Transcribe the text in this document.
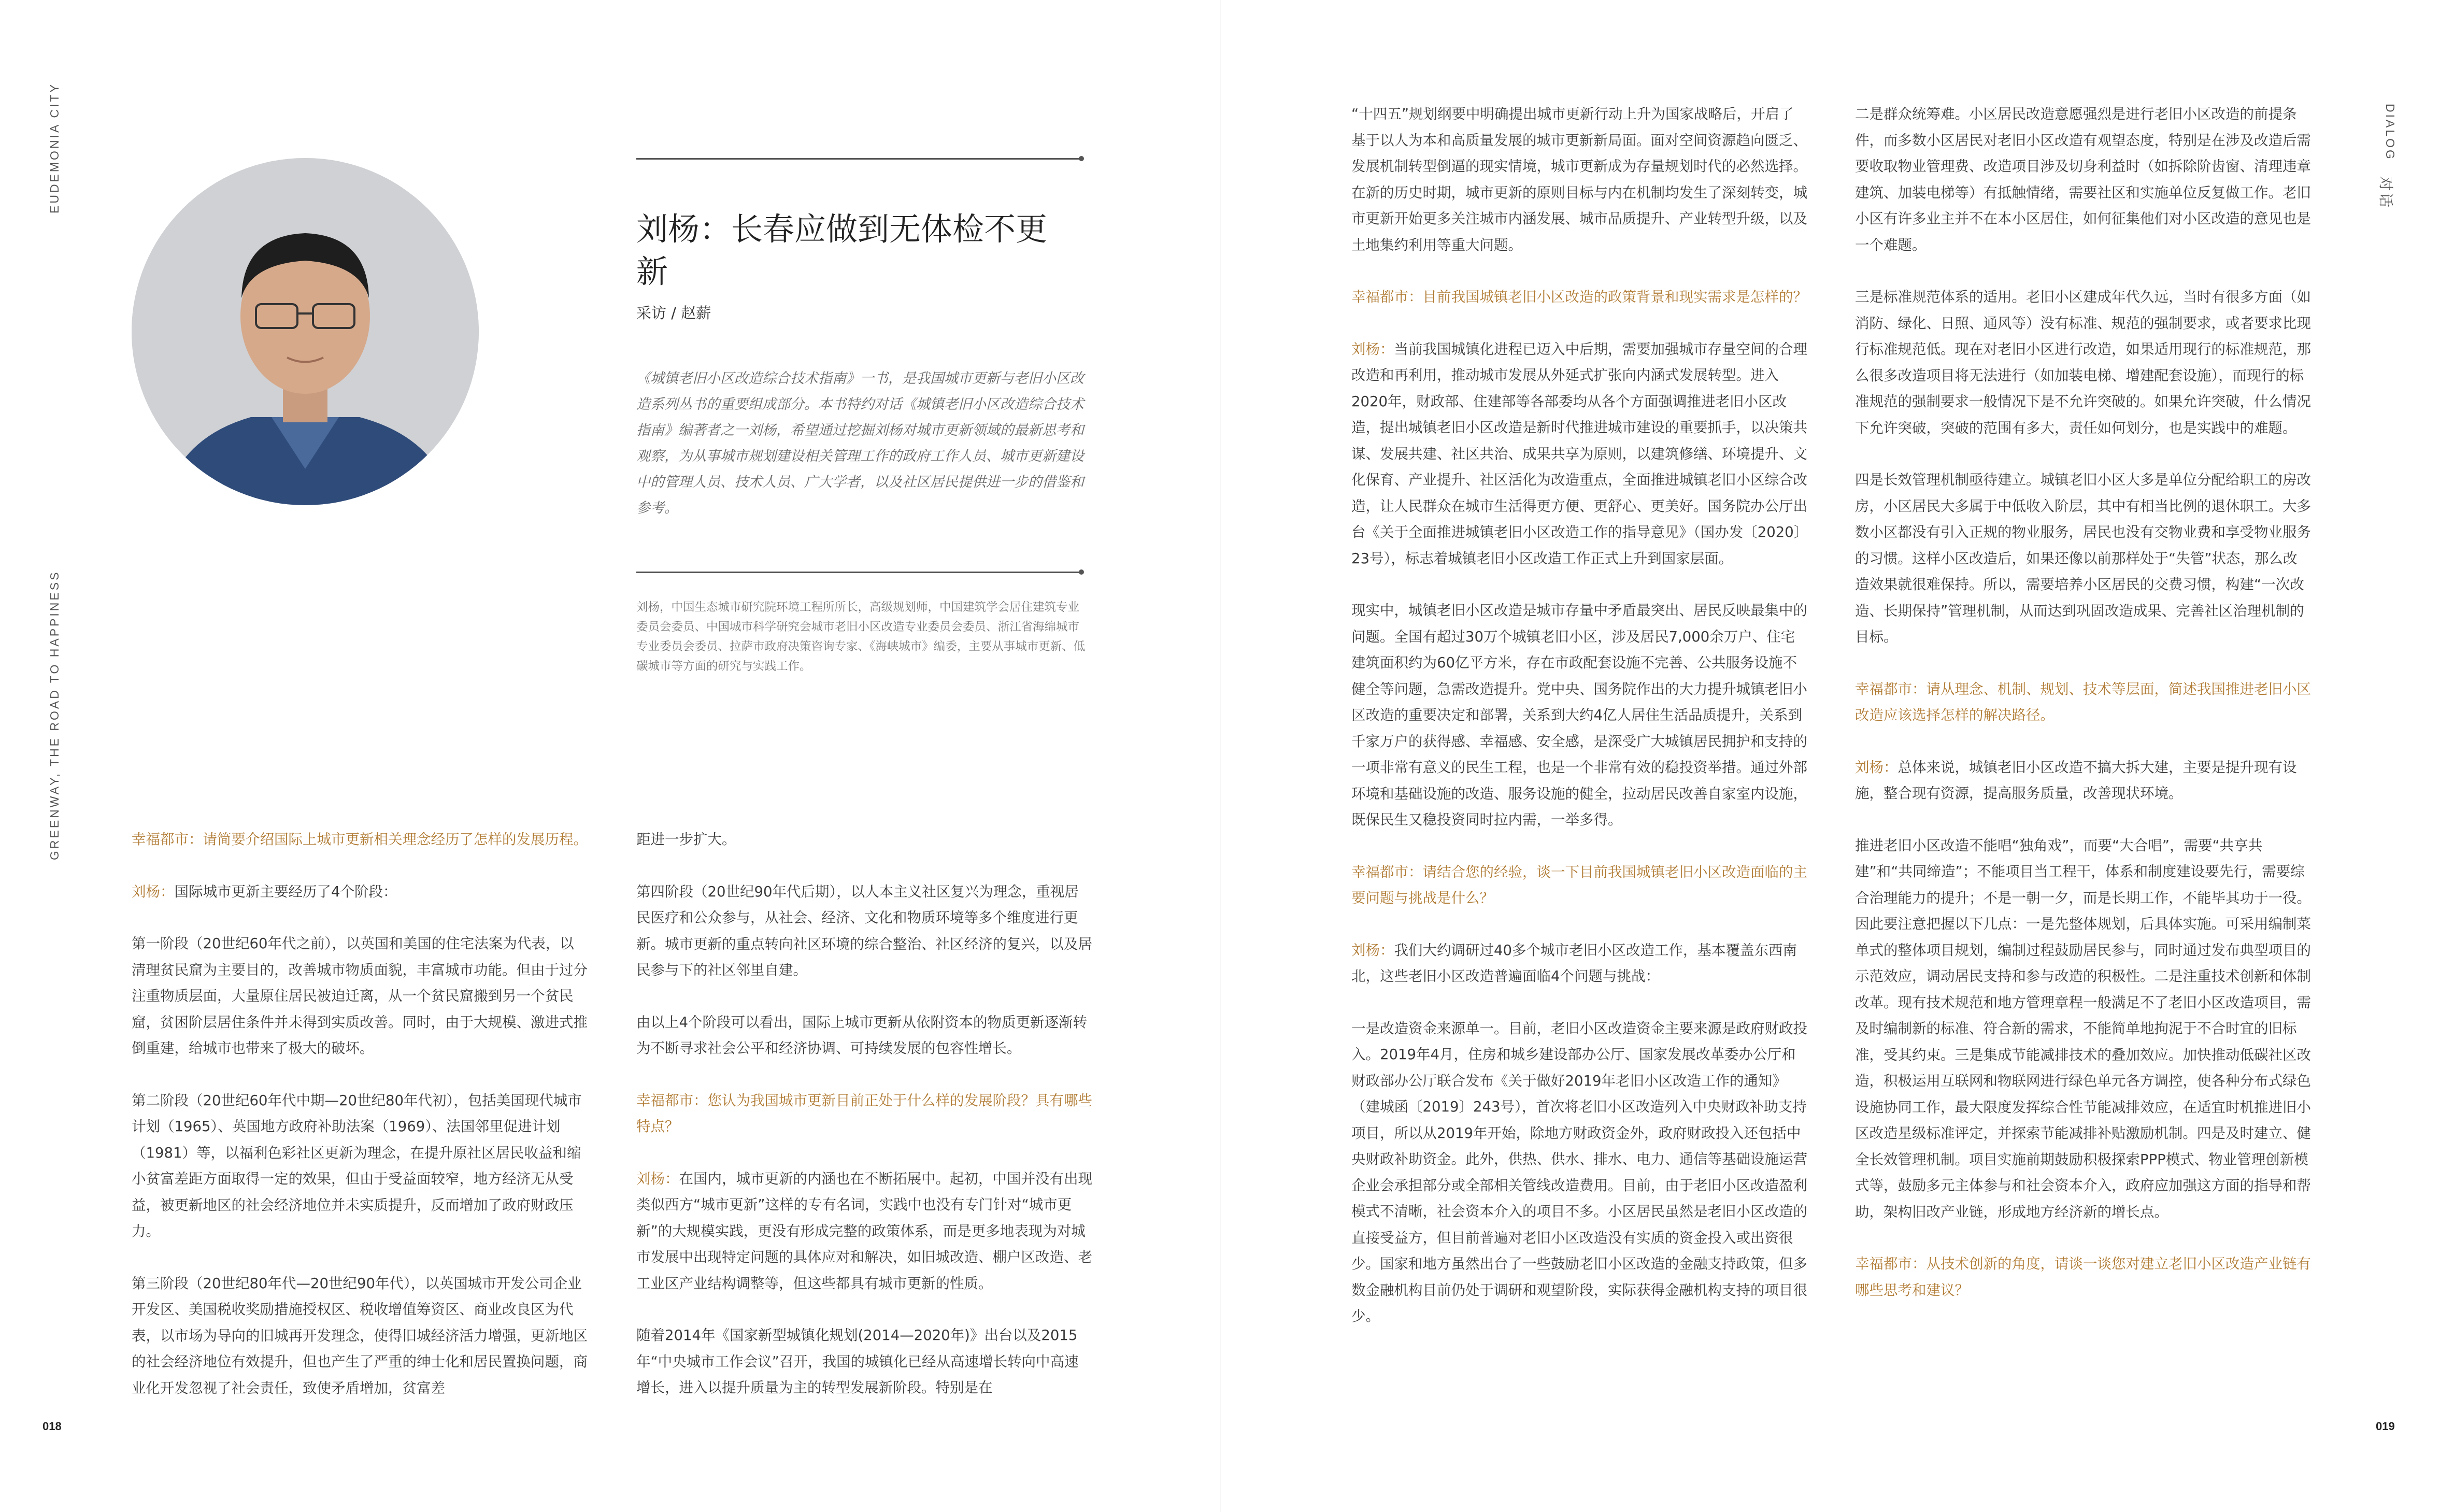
EUDEMONIA CITY
GREENWAY, THE ROAD TO HAPPINESS
DIALOG
对话
018	019
刘杨：长春应做到无体检不更新
采访 / 赵薪

《城镇老旧小区改造综合技术指南》一书，是我国城市更新与老旧小区改造系列丛书的重要组成部分。本书特约对话《城镇老旧小区改造综合技术指南》编著者之一刘杨，希望通过挖掘刘杨对城市更新领域的最新思考和观察，为从事城市规划建设相关管理工作的政府工作人员、城市更新建设中的管理人员、技术人员、广大学者，以及社区居民提供进一步的借鉴和参考。

刘杨，中国生态城市研究院环境工程所所长，高级规划师，中国建筑学会居住建筑专业委员会委员、中国城市科学研究会城市老旧小区改造专业委员会委员、浙江省海绵城市专业委员会委员、拉萨市政府决策咨询专家、《海峡城市》编委，主要从事城市更新、低碳城市等方面的研究与实践工作。

幸福都市：请简要介绍国际上城市更新相关理念经历了怎样的发展历程。

刘杨：国际城市更新主要经历了4个阶段：

第一阶段（20世纪60年代之前），以英国和美国的住宅法案为代表，以清理贫民窟为主要目的，改善城市物质面貌，丰富城市功能。但由于过分注重物质层面，大量原住居民被迫迁离，从一个贫民窟搬到另一个贫民窟，贫困阶层居住条件并未得到实质改善。同时，由于大规模、激进式推倒重建，给城市也带来了极大的破坏。

第二阶段（20世纪60年代中期—20世纪80年代初），包括美国现代城市计划（1965）、英国地方政府补助法案（1969）、法国邻里促进计划（1981）等，以福利色彩社区更新为理念，在提升原社区居民收益和缩小贫富差距方面取得一定的效果，但由于受益面较窄，地方经济无从受益，被更新地区的社会经济地位并未实质提升，反而增加了政府财政压力。

第三阶段（20世纪80年代—20世纪90年代），以英国城市开发公司企业开发区、美国税收奖励措施授权区、税收增值筹资区、商业改良区为代表，以市场为导向的旧城再开发理念，使得旧城经济活力增强，更新地区的社会经济地位有效提升，但也产生了严重的绅士化和居民置换问题，商业化开发忽视了社会责任，致使矛盾增加，贫富差

距进一步扩大。

第四阶段（20世纪90年代后期），以人本主义社区复兴为理念，重视居民医疗和公众参与，从社会、经济、文化和物质环境等多个维度进行更新。城市更新的重点转向社区环境的综合整治、社区经济的复兴，以及居民参与下的社区邻里自建。

由以上4个阶段可以看出，国际上城市更新从依附资本的物质更新逐渐转为不断寻求社会公平和经济协调、可持续发展的包容性增长。

幸福都市：您认为我国城市更新目前正处于什么样的发展阶段？具有哪些特点？

刘杨：在国内，城市更新的内涵也在不断拓展中。起初，中国并没有出现类似西方“城市更新”这样的专有名词，实践中也没有专门针对“城市更新”的大规模实践，更没有形成完整的政策体系，而是更多地表现为对城市发展中出现特定问题的具体应对和解决，如旧城改造、棚户区改造、老工业区产业结构调整等，但这些都具有城市更新的性质。

随着2014年《国家新型城镇化规划(2014—2020年)》出台以及2015年“中央城市工作会议”召开，我国的城镇化已经从高速增长转向中高速增长，进入以提升质量为主的转型发展新阶段。特别是在

“十四五”规划纲要中明确提出城市更新行动上升为国家战略后，开启了基于以人为本和高质量发展的城市更新新局面。面对空间资源趋向匮乏、发展机制转型倒逼的现实情境，城市更新成为存量规划时代的必然选择。在新的历史时期，城市更新的原则目标与内在机制均发生了深刻转变，城市更新开始更多关注城市内涵发展、城市品质提升、产业转型升级，以及土地集约利用等重大问题。

幸福都市：目前我国城镇老旧小区改造的政策背景和现实需求是怎样的？

刘杨：当前我国城镇化进程已迈入中后期，需要加强城市存量空间的合理改造和再利用，推动城市发展从外延式扩张向内涵式发展转型。进入2020年，财政部、住建部等各部委均从各个方面强调推进老旧小区改造，提出城镇老旧小区改造是新时代推进城市建设的重要抓手，以决策共谋、发展共建、社区共治、成果共享为原则，以建筑修缮、环境提升、文化保育、产业提升、社区活化为改造重点，全面推进城镇老旧小区综合改造，让人民群众在城市生活得更方便、更舒心、更美好。国务院办公厅出台《关于全面推进城镇老旧小区改造工作的指导意见》（国办发〔2020〕23号），标志着城镇老旧小区改造工作正式上升到国家层面。

现实中，城镇老旧小区改造是城市存量中矛盾最突出、居民反映最集中的问题。全国有超过30万个城镇老旧小区，涉及居民7,000余万户、住宅建筑面积约为60亿平方米，存在市政配套设施不完善、公共服务设施不健全等问题，急需改造提升。党中央、国务院作出的大力提升城镇老旧小区改造的重要决定和部署，关系到大约4亿人居住生活品质提升，关系到千家万户的获得感、幸福感、安全感，是深受广大城镇居民拥护和支持的一项非常有意义的民生工程，也是一个非常有效的稳投资举措。通过外部环境和基础设施的改造、服务设施的健全，拉动居民改善自家室内设施，既保民生又稳投资同时拉内需，一举多得。

幸福都市：请结合您的经验，谈一下目前我国城镇老旧小区改造面临的主要问题与挑战是什么？

刘杨：我们大约调研过40多个城市老旧小区改造工作，基本覆盖东西南北，这些老旧小区改造普遍面临4个问题与挑战：

一是改造资金来源单一。目前，老旧小区改造资金主要来源是政府财政投入。2019年4月，住房和城乡建设部办公厅、国家发展改革委办公厅和财政部办公厅联合发布《关于做好2019年老旧小区改造工作的通知》（建城函〔2019〕243号），首次将老旧小区改造列入中央财政补助支持项目，所以从2019年开始，除地方财政资金外，政府财政投入还包括中央财政补助资金。此外，供热、供水、排水、电力、通信等基础设施运营企业会承担部分或全部相关管线改造费用。目前，由于老旧小区改造盈利模式不清晰，社会资本介入的项目不多。小区居民虽然是老旧小区改造的直接受益方，但目前普遍对老旧小区改造没有实质的资金投入或出资很少。国家和地方虽然出台了一些鼓励老旧小区改造的金融支持政策，但多数金融机构目前仍处于调研和观望阶段，实际获得金融机构支持的项目很少。

二是群众统筹难。小区居民改造意愿强烈是进行老旧小区改造的前提条件，而多数小区居民对老旧小区改造有观望态度，特别是在涉及改造后需要收取物业管理费、改造项目涉及切身利益时（如拆除阶齿窗、清理违章建筑、加装电梯等）有抵触情绪，需要社区和实施单位反复做工作。老旧小区有许多业主并不在本小区居住，如何征集他们对小区改造的意见也是一个难题。

三是标准规范体系的适用。老旧小区建成年代久远，当时有很多方面（如消防、绿化、日照、通风等）没有标准、规范的强制要求，或者要求比现行标准规范低。现在对老旧小区进行改造，如果适用现行的标准规范，那么很多改造项目将无法进行（如加装电梯、增建配套设施），而现行的标准规范的强制要求一般情况下是不允许突破的。如果允许突破，什么情况下允许突破，突破的范围有多大，责任如何划分，也是实践中的难题。

四是长效管理机制亟待建立。城镇老旧小区大多是单位分配给职工的房改房，小区居民大多属于中低收入阶层，其中有相当比例的退休职工。大多数小区都没有引入正规的物业服务，居民也没有交物业费和享受物业服务的习惯。这样小区改造后，如果还像以前那样处于“失管”状态，那么改造效果就很难保持。所以，需要培养小区居民的交费习惯，构建“一次改造、长期保持”管理机制，从而达到巩固改造成果、完善社区治理机制的目标。

幸福都市：请从理念、机制、规划、技术等层面，简述我国推进老旧小区改造应该选择怎样的解决路径。

刘杨：总体来说，城镇老旧小区改造不搞大拆大建，主要是提升现有设施，整合现有资源，提高服务质量，改善现状环境。

推进老旧小区改造不能唱“独角戏”，而要“大合唱”，需要“共享共建”和“共同缔造”；不能项目当工程干，体系和制度建设要先行，需要综合治理能力的提升；不是一朝一夕，而是长期工作，不能毕其功于一役。因此要注意把握以下几点：一是先整体规划，后具体实施。可采用编制菜单式的整体项目规划，编制过程鼓励居民参与，同时通过发布典型项目的示范效应，调动居民支持和参与改造的积极性。二是注重技术创新和体制改革。现有技术规范和地方管理章程一般满足不了老旧小区改造项目，需及时编制新的标准、符合新的需求，不能简单地拘泥于不合时宜的旧标准，受其约束。三是集成节能减排技术的叠加效应。加快推动低碳社区改造，积极运用互联网和物联网进行绿色单元各方调控，使各种分布式绿色设施协同工作，最大限度发挥综合性节能减排效应，在适宜时机推进旧小区改造星级标准评定，并探索节能减排补贴激励机制。四是及时建立、健全长效管理机制。项目实施前期鼓励积极探索PPP模式、物业管理创新模式等，鼓励多元主体参与和社会资本介入，政府应加强这方面的指导和帮助，架构旧改产业链，形成地方经济新的增长点。

幸福都市：从技术创新的角度，请谈一谈您对建立老旧小区改造产业链有哪些思考和建议？
